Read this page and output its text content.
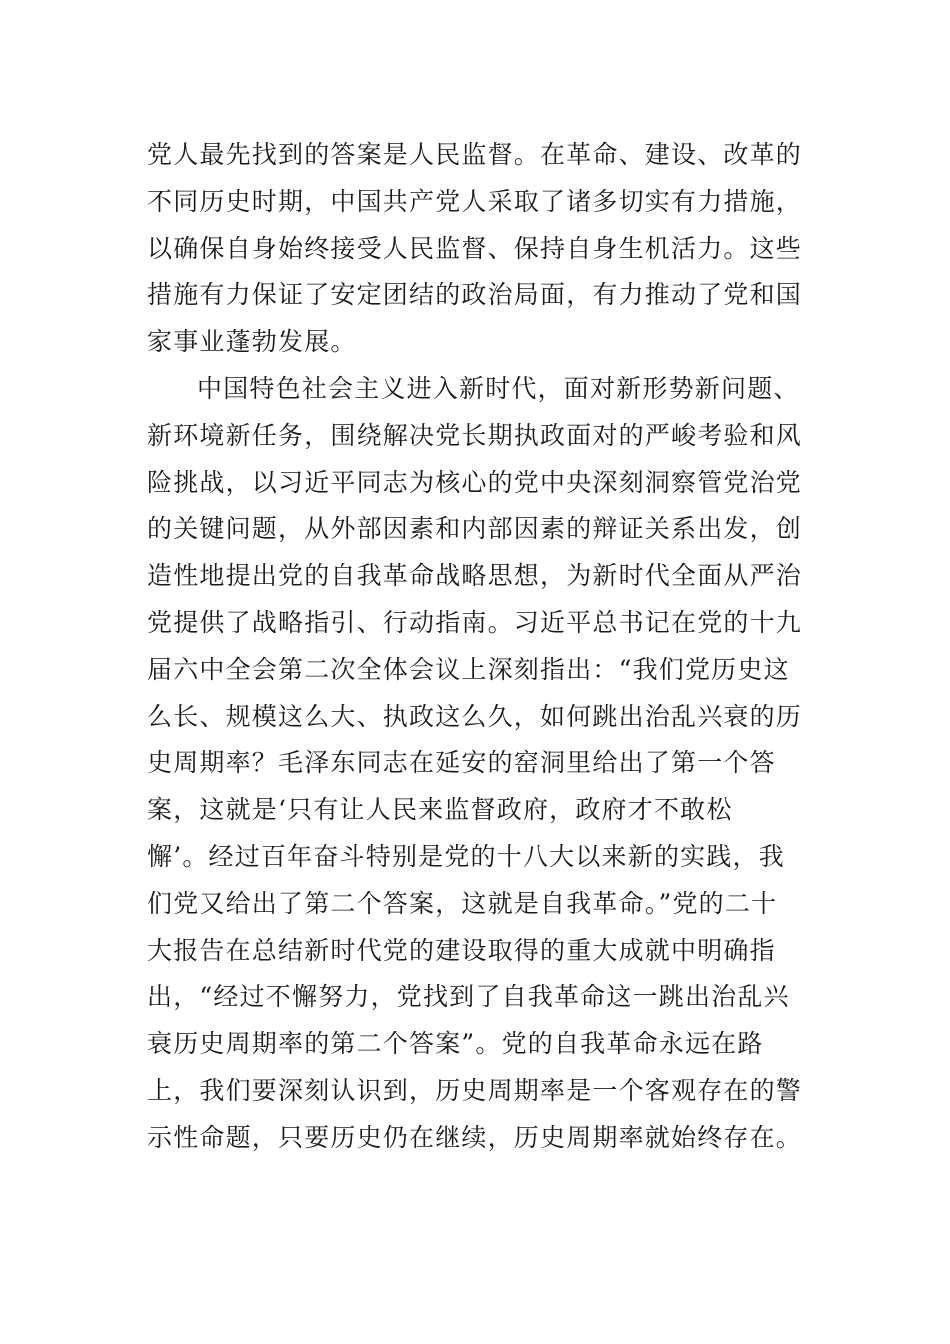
党人最先找到的答案是人民监督。在革命、建设、改革的
不同历史时期，中国共产党人采取了诸多切实有力措施，
以确保自身始终接受人民监督、保持自身生机活力。这些
措施有力保证了安定团结的政治局面，有力推动了党和国
家事业蓬勃发展。
中国特色社会主义进入新时代，面对新形势新问题、
新环境新任务，围绕解决党长期执政面对的严峻考验和风
险挑战，以习近平同志为核心的党中央深刻洞察管党治党
的关键问题，从外部因素和内部因素的辩证关系出发，创
造性地提出党的自我革命战略思想，为新时代全面从严治
党提供了战略指引、行动指南。习近平总书记在党的十九
届六中全会第二次全体会议上深刻指出：“我们党历史这
么长、规模这么大、执政这么久，如何跳出治乱兴衰的历
史周期率？毛泽东同志在延安的窑洞里给出了第一个答
案，这就是‘只有让人民来监督政府，政府才不敢松
懈’。经过百年奋斗特别是党的十八大以来新的实践，我
们党又给出了第二个答案，这就是自我革命。”党的二十
大报告在总结新时代党的建设取得的重大成就中明确指
出，“经过不懈努力，党找到了自我革命这一跳出治乱兴
衰历史周期率的第二个答案”。党的自我革命永远在路
上，我们要深刻认识到，历史周期率是一个客观存在的警
示性命题，只要历史仍在继续，历史周期率就始终存在。
